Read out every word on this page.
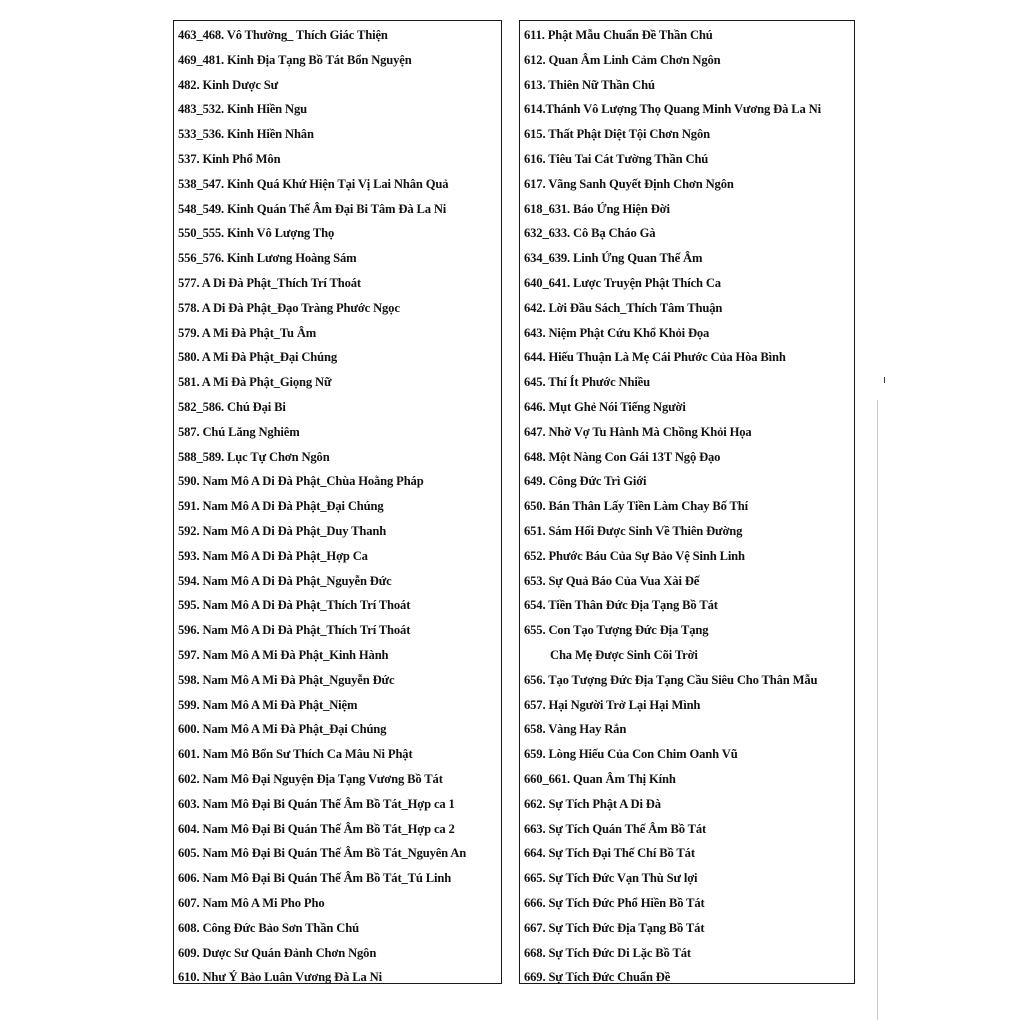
463_468. Vô Thường_ Thích Giác Thiện
469_481. Kinh Địa Tạng Bồ Tát Bổn Nguyện
482. Kinh Dược Sư
483_532. Kinh Hiền Ngu
533_536. Kinh Hiền Nhân
537. Kinh Phổ Môn
538_547. Kinh Quá Khứ Hiện Tại Vị Lai Nhân Quả
548_549. Kinh Quán Thế Âm Đại Bi Tâm Đà La Ni
550_555. Kinh Vô Lượng Thọ
556_576. Kinh Lương Hoàng Sám
577. A Di Đà Phật_Thích Trí Thoát
578. A Di Đà Phật_Đạo Tràng Phước Ngọc
579. A Mi Đà Phật_Tu Âm
580. A Mi Đà Phật_Đại Chúng
581. A Mi Đà Phật_Giọng Nữ
582_586. Chú Đại Bi
587. Chú Lăng Nghiêm
588_589. Lục Tự Chơn Ngôn
590. Nam Mô A Di Đà Phật_Chùa Hoằng Pháp
591. Nam Mô A Di Đà Phật_Đại Chúng
592. Nam Mô A Di Đà Phật_Duy Thanh
593. Nam Mô A Di Đà Phật_Hợp Ca
594. Nam Mô A Di Đà Phật_Nguyễn Đức
595. Nam Mô A Di Đà Phật_Thích Trí Thoát
596. Nam Mô A Di Đà Phật_Thích Trí Thoát
597. Nam Mô A Mi Đà Phật_Kinh Hành
598. Nam Mô A Mi Đà Phật_Nguyễn Đức
599. Nam Mô A Mi Đà Phật_Niệm
600. Nam Mô A Mi Đà Phật_Đại Chúng
601. Nam Mô Bổn Sư Thích Ca Mâu Ni Phật
602. Nam Mô Đại Nguyện Địa Tạng Vương Bồ Tát
603. Nam Mô Đại Bi Quán Thế Âm Bồ Tát_Hợp ca 1
604. Nam Mô Đại Bi Quán Thế Âm Bồ Tát_Hợp ca 2
605. Nam Mô Đại Bi Quán Thế Âm Bồ Tát_Nguyên An
606. Nam Mô Đại Bi Quán Thế Âm Bồ Tát_Tú Linh
607. Nam Mô A Mi Pho Pho
608. Công Đức Bảo Sơn Thần Chú
609. Dược Sư Quán Đảnh Chơn Ngôn
610. Như Ý Bảo Luân Vương Đà La Ni
611. Phật Mẫu Chuẩn Đề Thần Chú
612. Quan Âm Linh Cảm Chơn Ngôn
613. Thiên Nữ Thần Chú
614.Thánh Vô Lượng Thọ Quang Minh Vương Đà La Ni
615. Thất Phật Diệt Tội Chơn Ngôn
616. Tiêu Tai Cát Tường Thần Chú
617. Vãng Sanh Quyết Định Chơn Ngôn
618_631. Báo Ứng Hiện Đời
632_633. Cô Bạ Cháo Gà
634_639. Linh Ứng Quan Thế Âm
640_641. Lược Truyện Phật Thích Ca
642. Lời Đầu Sách_Thích Tâm Thuận
643. Niệm Phật Cứu Khổ Khỏi Đọa
644. Hiếu Thuận Là Mẹ Cái Phước Của Hòa Bình
645. Thí Ít Phước Nhiều
646. Mụt Ghẻ Nói Tiếng Người
647. Nhờ Vợ Tu Hành Mà Chồng Khỏi Họa
648. Một Nàng Con Gái 13T Ngộ Đạo
649. Công Đức Trì Giới
650. Bán Thân Lấy Tiền Làm Chay Bố Thí
651. Sám Hối Được Sinh Về Thiên Đường
652. Phước Báu Của Sự Bảo Vệ Sinh Linh
653. Sự Quả Báo Của Vua Xài Đế
654. Tiền Thân Đức Địa Tạng Bồ Tát
655. Con Tạo Tượng Đức Địa Tạng
Cha Mẹ Được Sinh Cõi Trời
656. Tạo Tượng Đức Địa Tạng Cầu Siêu Cho Thân Mẫu
657. Hại Người Trở Lại Hại Mình
658. Vàng Hay Rắn
659. Lòng Hiếu Của Con Chim Oanh Vũ
660_661. Quan Âm Thị Kính
662. Sự Tích Phật A Di Đà
663. Sự Tích Quán Thế Âm Bồ Tát
664. Sự Tích Đại Thế Chí Bồ Tát
665. Sự Tích Đức Vạn Thù Sư lợi
666. Sự Tích Đức Phổ Hiền Bồ Tát
667. Sự Tích Đức Địa Tạng Bồ Tát
668. Sự Tích Đức Di Lặc Bồ Tát
669. Sự Tích Đức Chuẩn Đề
ı
